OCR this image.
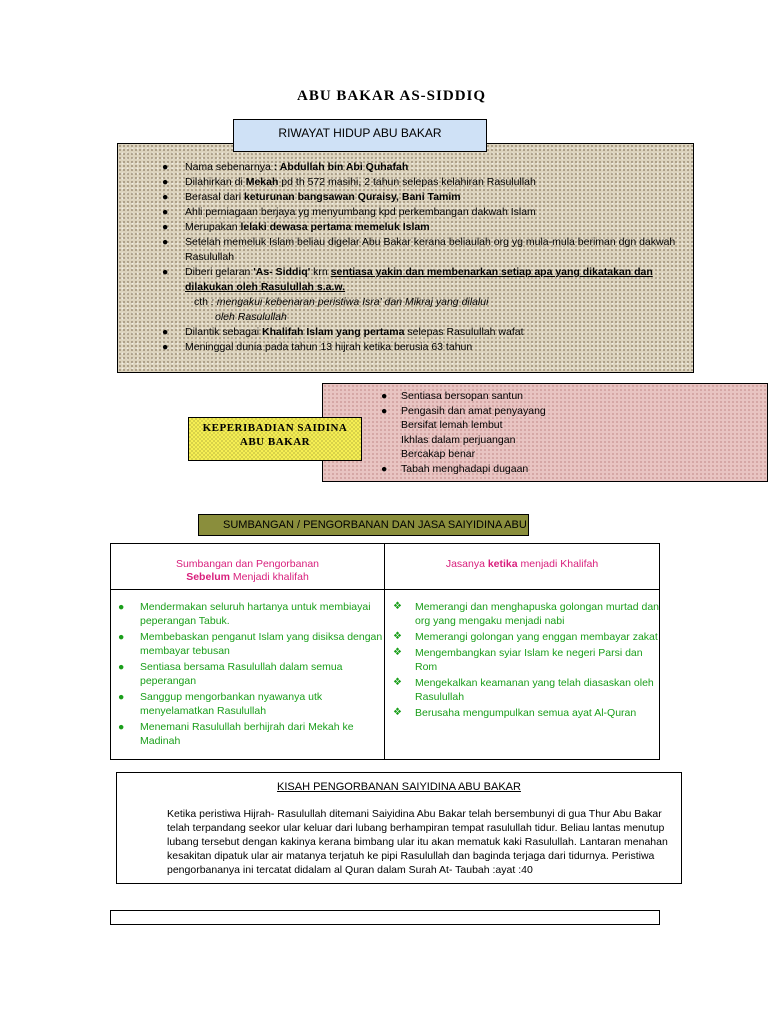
ABU BAKAR AS-SIDDIQ
● Nama sebenarnya : Abdullah bin Abi Quhafah
● Dilahirkan di Mekah pd th 572 masihi, 2 tahun selepas kelahiran Rasulullah
● Berasal dari keturunan bangsawan Quraisy, Bani Tamim
● Ahli perniagaan berjaya yg menyumbang kpd perkembangan dakwah Islam
● Merupakan lelaki dewasa pertama memeluk Islam
● Setelah memeluk Islam beliau digelar Abu Bakar kerana beliaulah org yg mula-mula beriman dgn dakwah Rasulullah
● Diberi gelaran 'As- Siddiq' krn sentiasa yakin dan membenarkan setiap apa yang dikatakan dan dilakukan oleh Rasulullah s.a.w.
cth : mengakui kebenaran peristiwa Isra' dan Mikraj yang dilalui
oleh Rasulullah
● Dilantik sebagai Khalifah Islam yang pertama selepas Rasulullah wafat
● Meninggal dunia pada tahun 13 hijrah ketika berusia 63 tahun
RIWAYAT HIDUP ABU BAKAR
● Sentiasa bersopan santun
● Pengasih dan amat penyayang
Bersifat lemah lembut
Ikhlas dalam perjuangan
Bercakap benar
● Tabah menghadapi dugaan
KEPERIBADIAN SAIDINA
ABU BAKAR
SUMBANGAN / PENGORBANAN DAN JASA SAIYIDINA ABU
Sumbangan dan Pengorbanan
Sebelum Menjadi khalifah
Jasanya ketika menjadi Khalifah
● Mendermakan seluruh hartanya untuk membiayai peperangan Tabuk.
● Membebaskan penganut Islam yang disiksa dengan membayar tebusan
● Sentiasa bersama Rasulullah dalam semua peperangan
● Sanggup mengorbankan nyawanya utk menyelamatkan Rasulullah
● Menemani Rasulullah berhijrah dari Mekah ke Madinah
❖ Memerangi dan menghapuska golongan murtad dan org yang mengaku menjadi nabi
❖ Memerangi golongan yang enggan membayar zakat
❖ Mengembangkan syiar Islam ke negeri Parsi dan Rom
❖ Mengekalkan keamanan yang telah diasaskan oleh Rasulullah
❖ Berusaha mengumpulkan semua ayat Al-Quran
KISAH PENGORBANAN SAIYIDINA ABU BAKAR
Ketika peristiwa Hijrah- Rasulullah ditemani Saiyidina Abu Bakar telah bersembunyi di gua Thur Abu Bakar telah terpandang seekor ular keluar dari lubang berhampiran tempat rasulullah tidur. Beliau lantas menutup lubang tersebut dengan kakinya kerana bimbang ular itu akan mematuk kaki Rasulullah. Lantaran menahan kesakitan dipatuk ular air matanya terjatuh ke pipi Rasulullah dan baginda terjaga dari tidurnya. Peristiwa pengorbananya ini tercatat didalam al Quran dalam Surah At- Taubah :ayat :40
